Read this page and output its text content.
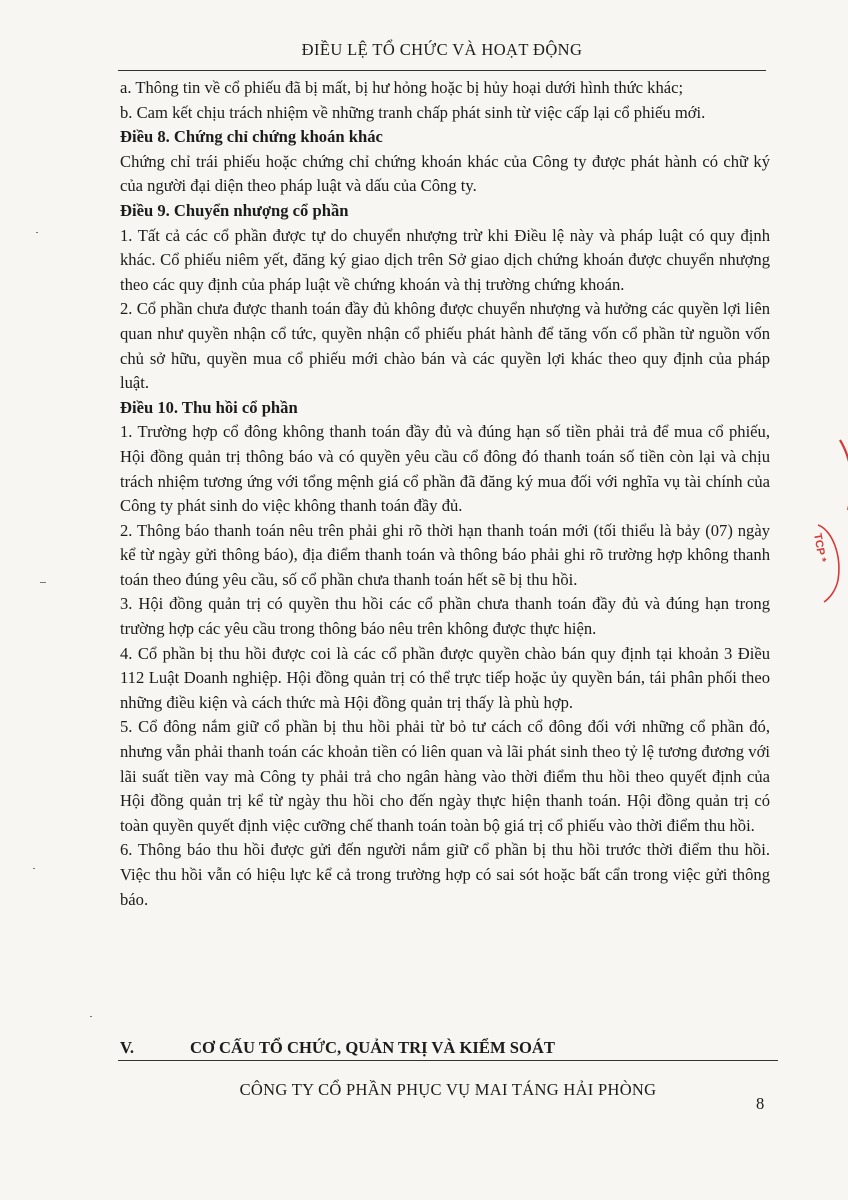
ĐIỀU LỆ TỔ CHỨC VÀ HOẠT ĐỘNG

a. Thông tin về cổ phiếu đã bị mất, bị hư hỏng hoặc bị hủy hoại dưới hình thức khác;

b. Cam kết chịu trách nhiệm về những tranh chấp phát sinh từ việc cấp lại cổ phiếu mới.

Điều 8. Chứng chỉ chứng khoán khác

Chứng chỉ trái phiếu hoặc chứng chỉ chứng khoán khác của Công ty được phát hành có chữ ký của người đại diện theo pháp luật và dấu của Công ty.

Điều 9. Chuyển nhượng cổ phần

1. Tất cả các cổ phần được tự do chuyển nhượng trừ khi Điều lệ này và pháp luật có quy định khác. Cổ phiếu niêm yết, đăng ký giao dịch trên Sở giao dịch chứng khoán được chuyển nhượng theo các quy định của pháp luật về chứng khoán và thị trường chứng khoán.

2. Cổ phần chưa được thanh toán đầy đủ không được chuyển nhượng và hưởng các quyền lợi liên quan như quyền nhận cổ tức, quyền nhận cổ phiếu phát hành để tăng vốn cổ phần từ nguồn vốn chủ sở hữu, quyền mua cổ phiếu mới chào bán và các quyền lợi khác theo quy định của pháp luật.

Điều 10. Thu hồi cổ phần

1. Trường hợp cổ đông không thanh toán đầy đủ và đúng hạn số tiền phải trả để mua cổ phiếu, Hội đồng quản trị thông báo và có quyền yêu cầu cổ đông đó thanh toán số tiền còn lại và chịu trách nhiệm tương ứng với tổng mệnh giá cổ phần đã đăng ký mua đối với nghĩa vụ tài chính của Công ty phát sinh do việc không thanh toán đầy đủ.

2. Thông báo thanh toán nêu trên phải ghi rõ thời hạn thanh toán mới (tối thiểu là bảy (07) ngày kể từ ngày gửi thông báo), địa điểm thanh toán và thông báo phải ghi rõ trường hợp không thanh toán theo đúng yêu cầu, số cổ phần chưa thanh toán hết sẽ bị thu hồi.

3. Hội đồng quản trị có quyền thu hồi các cổ phần chưa thanh toán đầy đủ và đúng hạn trong trường hợp các yêu cầu trong thông báo nêu trên không được thực hiện.

4. Cổ phần bị thu hồi được coi là các cổ phần được quyền chào bán quy định tại khoản 3 Điều 112 Luật Doanh nghiệp. Hội đồng quản trị có thể trực tiếp hoặc ủy quyền bán, tái phân phối theo những điều kiện và cách thức mà Hội đồng quản trị thấy là phù hợp.

5. Cổ đông nắm giữ cổ phần bị thu hồi phải từ bỏ tư cách cổ đông đối với những cổ phần đó, nhưng vẫn phải thanh toán các khoản tiền có liên quan và lãi phát sinh theo tỷ lệ tương đương với lãi suất tiền vay mà Công ty phải trả cho ngân hàng vào thời điểm thu hồi theo quyết định của Hội đồng quản trị kể từ ngày thu hồi cho đến ngày thực hiện thanh toán. Hội đồng quản trị có toàn quyền quyết định việc cưỡng chế thanh toán toàn bộ giá trị cổ phiếu vào thời điểm thu hồi.

6. Thông báo thu hồi được gửi đến người nắm giữ cổ phần bị thu hồi trước thời điểm thu hồi. Việc thu hồi vẫn có hiệu lực kể cả trong trường hợp có sai sót hoặc bất cẩn trong việc gửi thông báo.

V.	CƠ CẤU TỔ CHỨC, QUẢN TRỊ VÀ KIỂM SOÁT
CÔNG TY CỔ PHẦN PHỤC VỤ MAI TÁNG HẢI PHÒNG
8
TCP *
